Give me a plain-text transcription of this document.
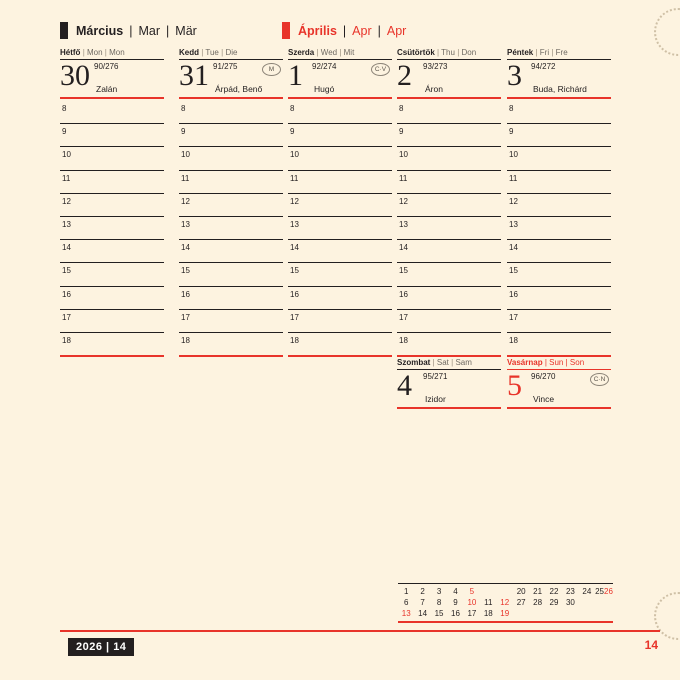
Március | Mar | Mär	Április | Apr | Apr
Hétfő | Mon | Mon
30 90/276
Zalán
8
9
10
11
12
13
14
15
16
17
18
Kedd | Tue | Die
31 91/275
Árpád, Benő
M
8
9
10
11
12
13
14
15
16
17
18
Szerda | Wed | Mit
1 92/274
Hugó
C·V
8
9
10
11
12
13
14
15
16
17
18
Csütörtök | Thu | Don
2 93/273
Áron
8
9
10
11
12
13
14
15
16
17
18
Péntek | Fri | Fre
3 94/272
Buda, Richárd
8
9
10
11
12
13
14
15
16
17
18
Szombat | Sat | Sam
4 95/271
Izidor
Vasárnap | Sun | Son
5 96/270
Vince
C·N
1	2	3	4	5				20	21	22	23	24	25	26
6	7	8	9	10	11	12		27	28	29	30			
13	14	15	16	17	18	19								
2026 | 14	14
